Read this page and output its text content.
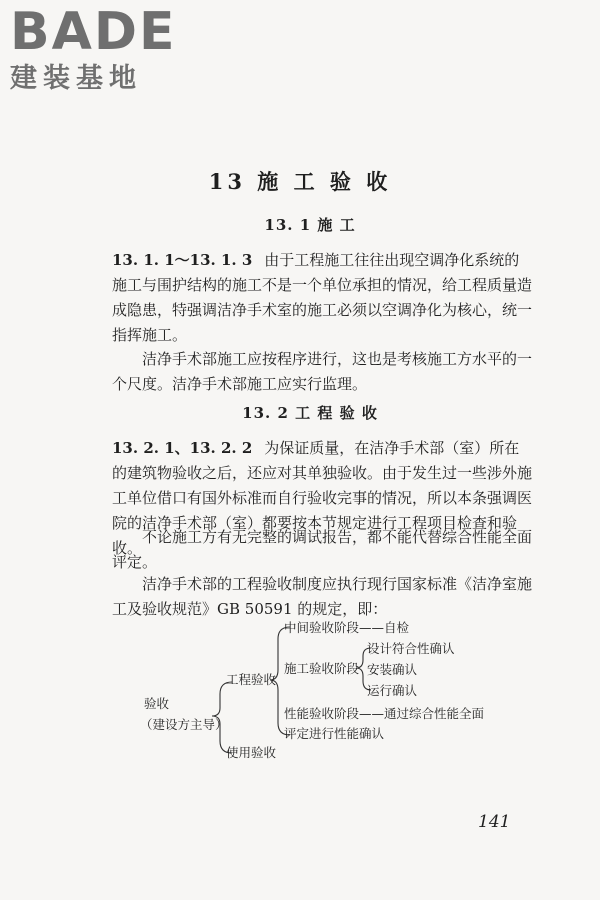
BADE
建装基地
13 施 工 验 收
13. 1 施 工

13. 1. 1～13. 1. 3 由于工程施工往往出现空调净化系统的施工与围护结构的施工不是一个单位承担的情况，给工程质量造成隐患，特强调洁净手术室的施工必须以空调净化为核心，统一指挥施工。

洁净手术部施工应按程序进行，这也是考核施工方水平的一个尺度。洁净手术部施工应实行监理。

13. 2 工 程 验 收

13. 2. 1、13. 2. 2 为保证质量，在洁净手术部（室）所在的建筑物验收之后，还应对其单独验收。由于发生过一些涉外施工单位借口有国外标准而自行验收完事的情况，所以本条强调医院的洁净手术部（室）都要按本节规定进行工程项目检查和验收。

不论施工方有无完整的调试报告，都不能代替综合性能全面评定。

洁净手术部的工程验收制度应执行现行国家标准《洁净室施工及验收规范》GB 50591 的规定，即：

验收
（建设方主导）
工程验收
使用验收
中间验收阶段——自检
施工验收阶段
设计符合性确认
安装确认
运行确认
性能验收阶段——通过综合性能全面
评定进行性能确认
141
